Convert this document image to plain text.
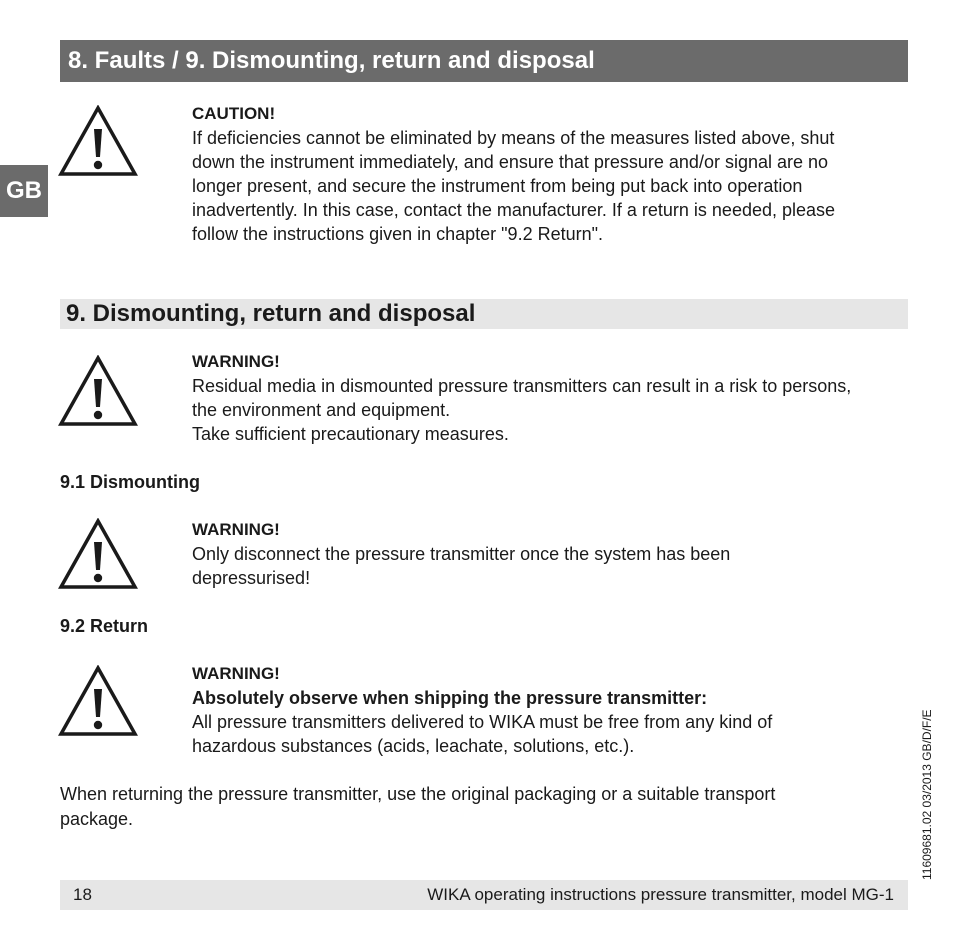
8. Faults / 9. Dismounting, return and disposal
GB
CAUTION!
If deficiencies cannot be eliminated by means of the measures listed above, shut
down the instrument immediately, and ensure that pressure and/or signal are no
longer present, and secure the instrument from being put back into operation
inadvertently. In this case, contact the manufacturer. If a return is needed, please
follow the instructions given in chapter "9.2 Return".
9. Dismounting, return and disposal
WARNING!
Residual media in dismounted pressure transmitters can result in a risk to persons,
the environment and equipment.
Take sufficient precautionary measures.
9.1 Dismounting
WARNING!
Only disconnect the pressure transmitter once the system has been
depressurised!
9.2 Return
WARNING!
Absolutely observe when shipping the pressure transmitter:
All pressure transmitters delivered to WIKA must be free from any kind of
hazardous substances (acids, leachate, solutions, etc.).
When returning the pressure transmitter, use the original packaging or a suitable transport
package.
18	WIKA operating instructions pressure transmitter, model MG-1
11609681.02 03/2013 GB/D/F/E
